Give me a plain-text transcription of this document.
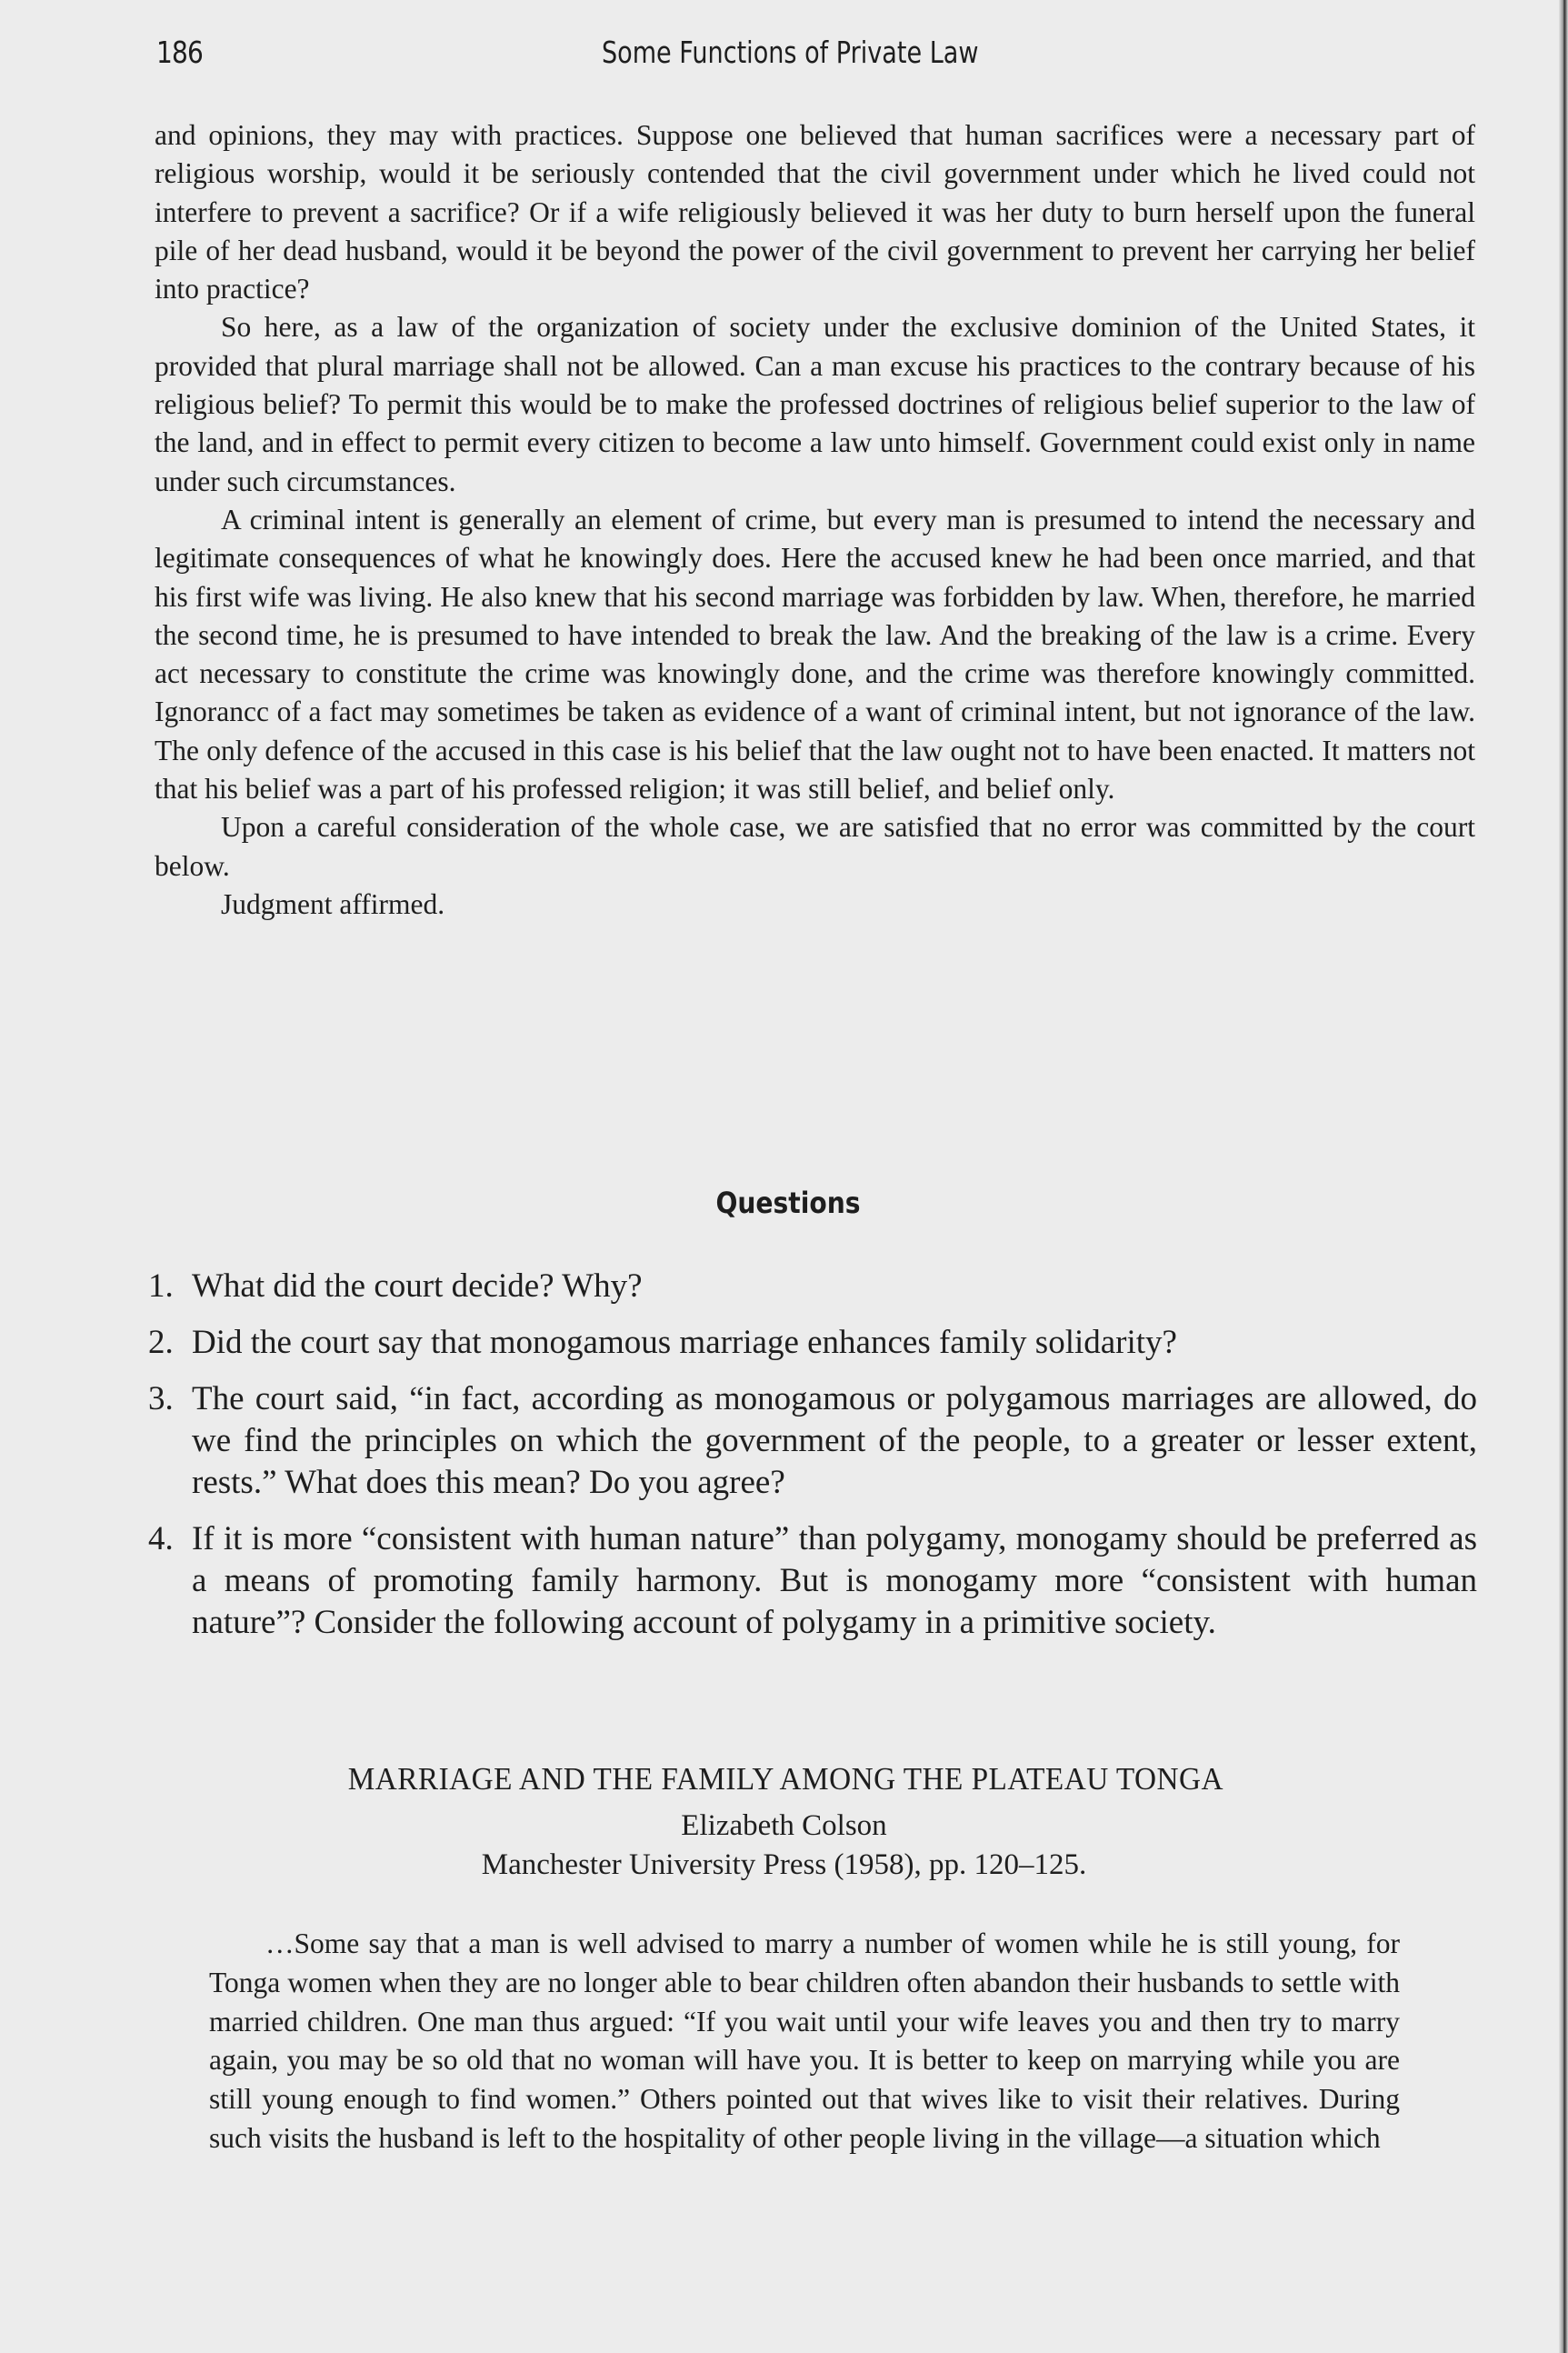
186	Some Functions of Private Law

and opinions, they may with practices. Suppose one believed that human sacrifices were a necessary part of religious worship, would it be seriously contended that the civil government under which he lived could not interfere to prevent a sacrifice? Or if a wife religiously believed it was her duty to burn herself upon the funeral pile of her dead husband, would it be beyond the power of the civil government to prevent her carrying her belief into practice?

So here, as a law of the organization of society under the exclusive dominion of the United States, it provided that plural marriage shall not be allowed. Can a man excuse his practices to the contrary because of his religious belief? To permit this would be to make the professed doctrines of religious belief superior to the law of the land, and in effect to permit every citizen to become a law unto himself. Government could exist only in name under such circumstances.

A criminal intent is generally an element of crime, but every man is presumed to intend the necessary and legitimate consequences of what he knowingly does. Here the accused knew he had been once married, and that his first wife was living. He also knew that his second marriage was forbidden by law. When, therefore, he married the second time, he is presumed to have intended to break the law. And the breaking of the law is a crime. Every act necessary to constitute the crime was knowingly done, and the crime was therefore knowingly committed. Ignorancc of a fact may sometimes be taken as evidence of a want of criminal intent, but not ignorance of the law. The only defence of the accused in this case is his belief that the law ought not to have been enacted. It matters not that his belief was a part of his professed religion; it was still belief, and belief only.

Upon a careful consideration of the whole case, we are satisfied that no error was committed by the court below.

Judgment affirmed.

Questions
1. What did the court decide? Why?
2. Did the court say that monogamous marriage enhances family solidarity?
3. The court said, “in fact, according as monogamous or polygamous marriages are allowed, do we find the principles on which the government of the people, to a greater or lesser extent, rests.” What does this mean? Do you agree?
4. If it is more “consistent with human nature” than polygamy, monogamy should be preferred as a means of promoting family harmony. But is monogamy more “consistent with human nature”? Consider the following account of polygamy in a primitive society.
MARRIAGE AND THE FAMILY AMONG THE PLATEAU TONGA
Elizabeth Colson
Manchester University Press (1958), pp. 120–125.

…Some say that a man is well advised to marry a number of women while he is still young, for Tonga women when they are no longer able to bear children often abandon their husbands to settle with married children. One man thus argued: “If you wait until your wife leaves you and then try to marry again, you may be so old that no woman will have you. It is better to keep on marrying while you are still young enough to find women.” Others pointed out that wives like to visit their relatives. During such visits the husband is left to the hospitality of other people living in the village—a situation which
